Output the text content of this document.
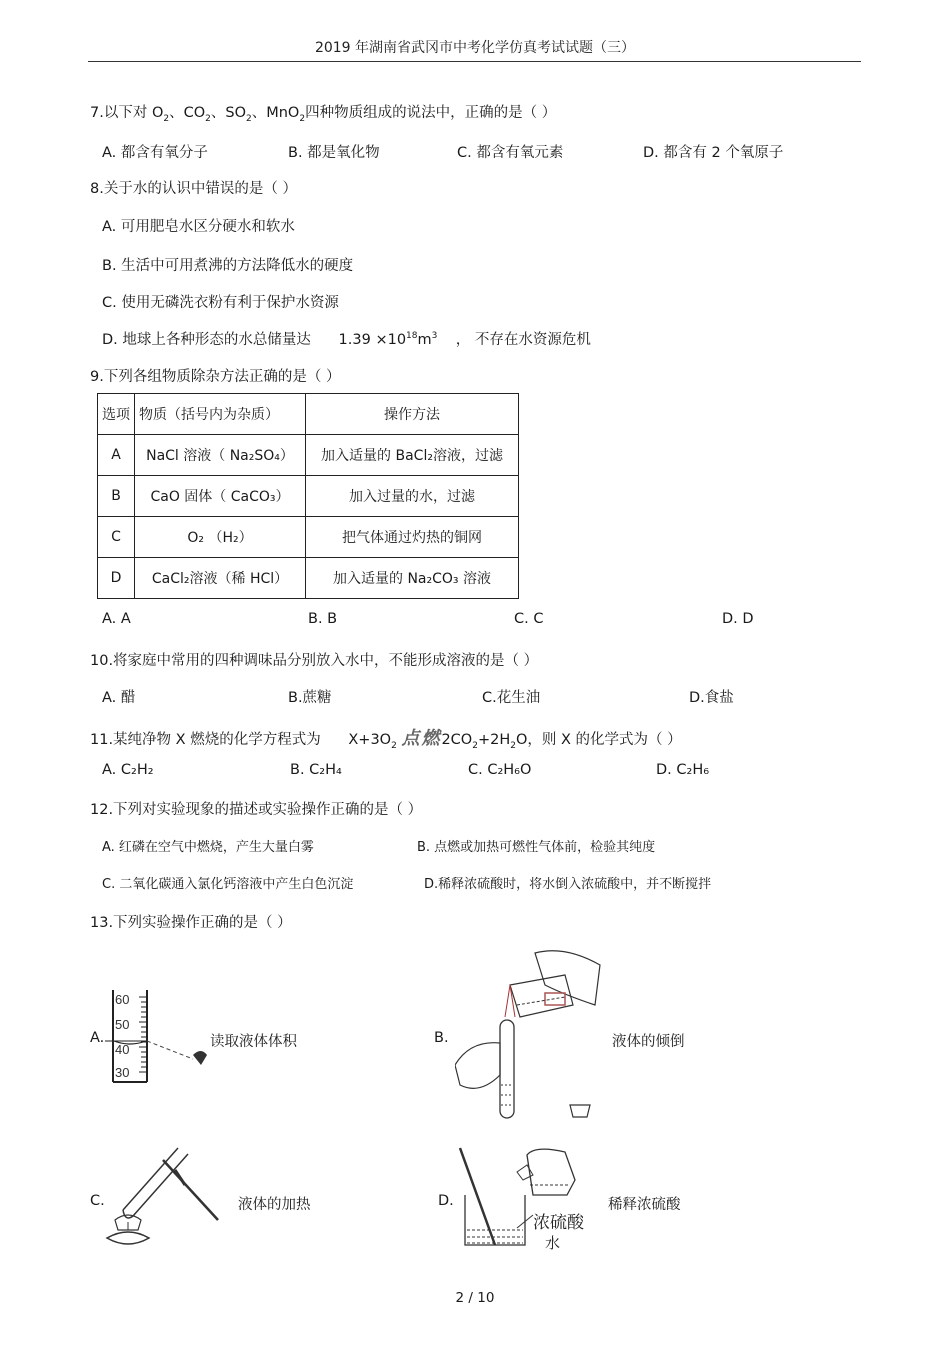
2019 年湖南省武冈市中考化学仿真考试试题（三）
7.以下对 $O_2$、$CO_2$、$SO_2$、MnO$_2$四种物质组成的说法中，正确的是（ ）
A. 都含有氧分子	B. 都是氧化物	C. 都含有氧元素	D. 都含有 2 个氧原子
8.关于水的认识中错误的是（ ）
A. 可用肥皂水区分硬水和软水
B. 生活中可用煮沸的方法降低水的硬度
C. 使用无磷洗衣粉有利于保护水资源
D. 地球上各种形态的水总储量达 $1.39 \times 10^{18}m^3$ ， 不存在水资源危机
9.下列各组物质除杂方法正确的是（ ）
选项	物质（括号内为杂质）	操作方法
A	NaCl 溶液（ Na₂SO₄）	加入适量的 BaCl₂溶液，过滤
B	CaO 固体（ CaCO₃）	加入过量的水，过滤
C	O₂ （H₂）	把气体通过灼热的铜网
D	CaCl₂溶液（稀 HCl）	加入适量的 Na₂CO₃ 溶液
A. A	B. B	C. C	D. D
10.将家庭中常用的四种调味品分别放入水中，不能形成溶液的是（ ）
A. 醋	B.蔗糖	C.花生油	D.食盐
11.某纯净物 X 燃烧的化学方程式为 $X+3O_2$ 点燃$2CO_2+2H_2O$，则 X 的化学式为（ ）
A. C₂H₂	B. C₂H₄	C. C₂H₆O	D. C₂H₆
12.下列对实验现象的描述或实验操作正确的是（ ）
A. 红磷在空气中燃烧，产生大量白雾	B. 点燃或加热可燃性气体前，检验其纯度
C. 二氧化碳通入氯化钙溶液中产生白色沉淀	D.稀释浓硫酸时，将水倒入浓硫酸中，并不断搅拌
13.下列实验操作正确的是（ ）
A.	读取液体体积
60
50
40
30
B.	液体的倾倒
C.	液体的加热	D.	稀释浓硫酸
浓硫酸
水
2 / 10
